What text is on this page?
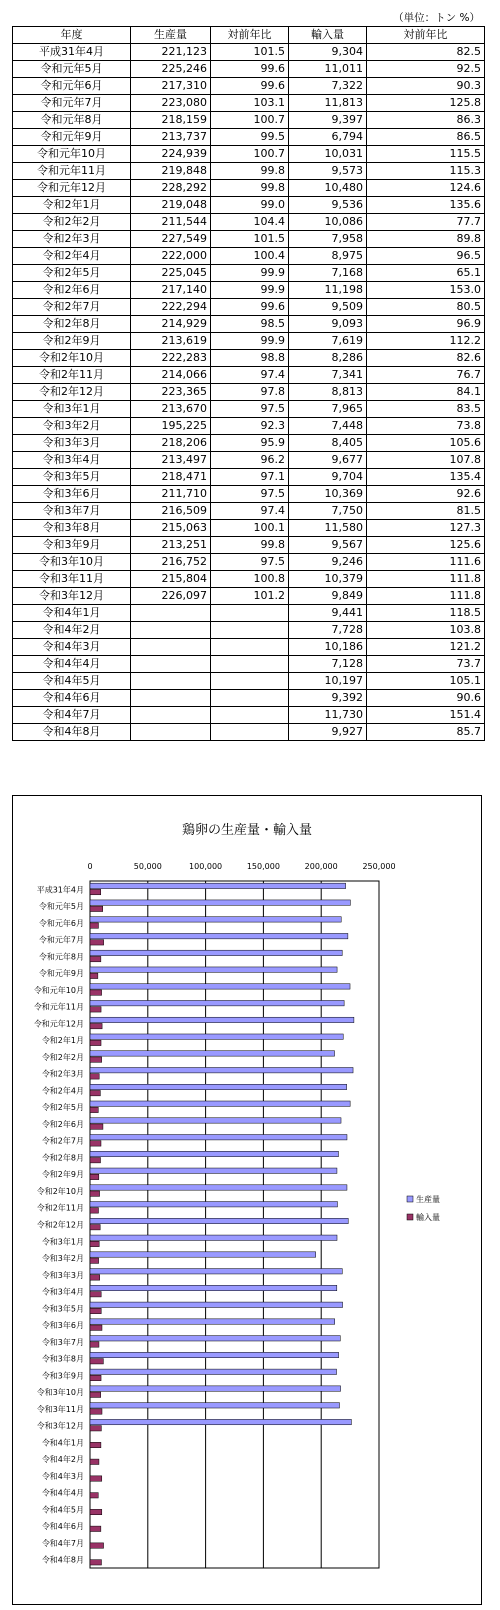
（単位：トン %）
年度	生産量	対前年比	輸入量	対前年比
平成31年4月	221,123	101.5	9,304	82.5
令和元年5月	225,246	99.6	11,011	92.5
令和元年6月	217,310	99.6	7,322	90.3
令和元年7月	223,080	103.1	11,813	125.8
令和元年8月	218,159	100.7	9,397	86.3
令和元年9月	213,737	99.5	6,794	86.5
令和元年10月	224,939	100.7	10,031	115.5
令和元年11月	219,848	99.8	9,573	115.3
令和元年12月	228,292	99.8	10,480	124.6
令和2年1月	219,048	99.0	9,536	135.6
令和2年2月	211,544	104.4	10,086	77.7
令和2年3月	227,549	101.5	7,958	89.8
令和2年4月	222,000	100.4	8,975	96.5
令和2年5月	225,045	99.9	7,168	65.1
令和2年6月	217,140	99.9	11,198	153.0
令和2年7月	222,294	99.6	9,509	80.5
令和2年8月	214,929	98.5	9,093	96.9
令和2年9月	213,619	99.9	7,619	112.2
令和2年10月	222,283	98.8	8,286	82.6
令和2年11月	214,066	97.4	7,341	76.7
令和2年12月	223,365	97.8	8,813	84.1
令和3年1月	213,670	97.5	7,965	83.5
令和3年2月	195,225	92.3	7,448	73.8
令和3年3月	218,206	95.9	8,405	105.6
令和3年4月	213,497	96.2	9,677	107.8
令和3年5月	218,471	97.1	9,704	135.4
令和3年6月	211,710	97.5	10,369	92.6
令和3年7月	216,509	97.4	7,750	81.5
令和3年8月	215,063	100.1	11,580	127.3
令和3年9月	213,251	99.8	9,567	125.6
令和3年10月	216,752	97.5	9,246	111.6
令和3年11月	215,804	100.8	10,379	111.8
令和3年12月	226,097	101.2	9,849	111.8
令和4年1月			9,441	118.5
令和4年2月			7,728	103.8
令和4年3月			10,186	121.2
令和4年4月			7,128	73.7
令和4年5月			10,197	105.1
令和4年6月			9,392	90.6
令和4年7月			11,730	151.4
令和4年8月			9,927	85.7
鶏卵の生産量・輸入量
0	50,000	100,000	150,000	200,000	250,000
平成31年4月
令和元年5月
令和元年6月
令和元年7月
令和元年8月
令和元年9月
令和元年10月
令和元年11月
令和元年12月
令和2年1月
令和2年2月
令和2年3月
令和2年4月
令和2年5月
令和2年6月
令和2年7月
令和2年8月
令和2年9月
令和2年10月
令和2年11月
令和2年12月
令和3年1月
令和3年2月
令和3年3月
令和3年4月
令和3年5月
令和3年6月
令和3年7月
令和3年8月
令和3年9月
令和3年10月
令和3年11月
令和3年12月
令和4年1月
令和4年2月
令和4年3月
令和4年4月
令和4年5月
令和4年6月
令和4年7月
令和4年8月
生産量
輸入量
